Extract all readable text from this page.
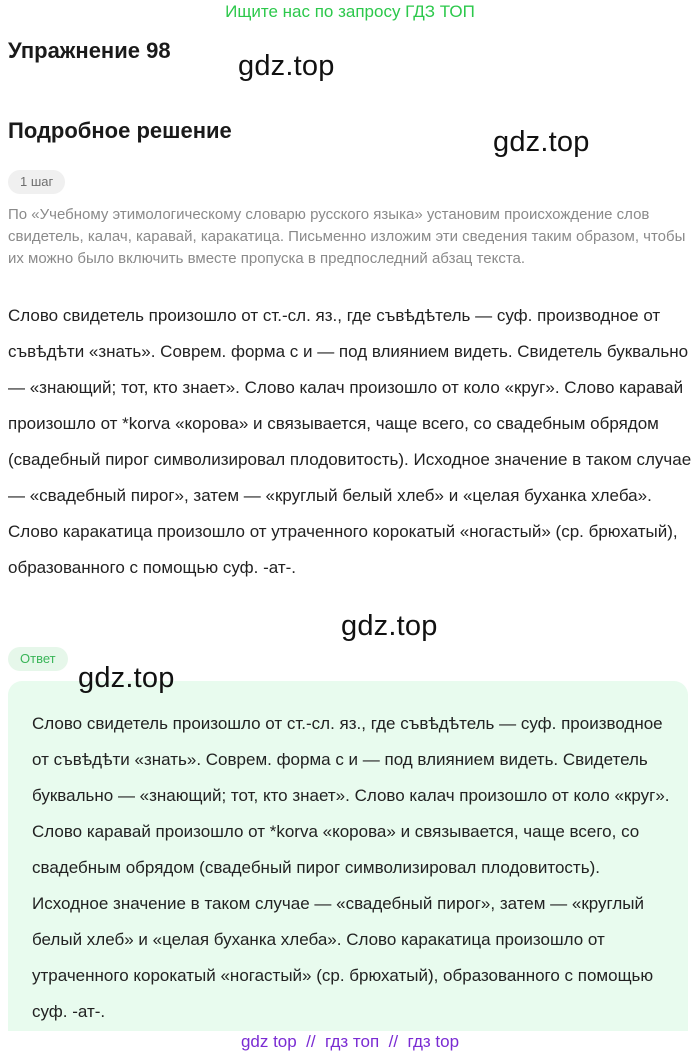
Ищите нас по запросу ГДЗ ТОП
Упражнение 98 gdz.top
Подробное решение	gdz.top
1 шаг
По «Учебному этимологическому словарю русского языка» установим происхождение слов свидетель, калач, каравай, каракатица. Письменно изложим эти сведения таким образом, чтобы их можно было включить вместе пропуска в предпоследний абзац текста.
Слово свидетель произошло от ст.-сл. яз., где съвѣдѣтель — суф. производное от съвѣдѣти «знать». Соврем. форма с и — под влиянием видеть. Свидетель буквально — «знающий; тот, кто знает». Слово калач произошло от коло «круг». Слово каравай произошло от *korva «корова» и связывается, чаще всего, со свадебным обрядом (свадебный пирог символизировал плодовитость). Исходное значение в таком случае — «свадебный пирог», затем — «круглый белый хлеб» и «целая буханка хлеба». Слово каракатица произошло от утраченного корокатый «ногастый» (ср. брюхатый), образованного с помощью суф. -ат-.
gdz.top
Ответ
gdz.top
Слово свидетель произошло от ст.-сл. яз., где съвѣдѣтель — суф. производное от съвѣдѣти «знать». Соврем. форма с и — под влиянием видеть. Свидетель буквально — «знающий; тот, кто знает». Слово калач произошло от коло «круг». Слово каравай произошло от *korva «корова» и связывается, чаще всего, со свадебным обрядом (свадебный пирог символизировал плодовитость). Исходное значение в таком случае — «свадебный пирог», затем — «круглый белый хлеб» и «целая буханка хлеба». Слово каракатица произошло от утраченного корокатый «ногастый» (ср. брюхатый), образованного с помощью суф. -ат-.
gdz top  //  гдз топ  //  гдз top
